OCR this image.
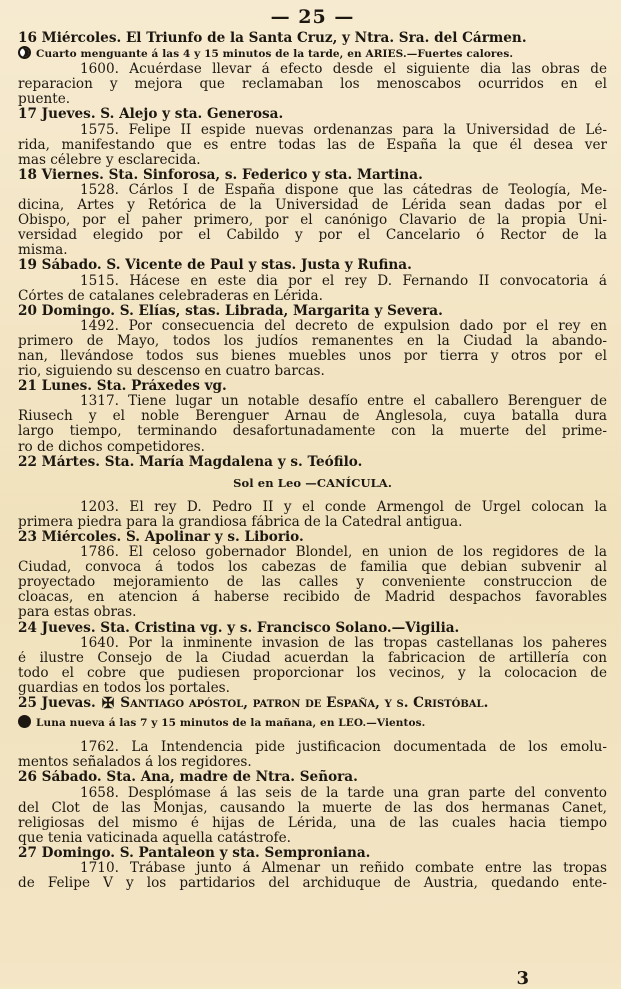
— 25 —
16 Miércoles. El Triunfo de la Santa Cruz, y Ntra. Sra. del Cármen.
Cuarto menguante á las 4 y 15 minutos de la tarde, en ARIES.—Fuertes calores.
1600. Acuérdase llevar á efecto desde el siguiente dia las obras de
reparacion y mejora que reclamaban los menoscabos ocurridos en el
puente.
17 Jueves. S. Alejo y sta. Generosa.
1575. Felipe II espide nuevas ordenanzas para la Universidad de Lé-
rida, manifestando que es entre todas las de España la que él desea ver
mas célebre y esclarecida.
18 Viernes. Sta. Sinforosa, s. Federico y sta. Martina.
1528. Cárlos I de España dispone que las cátedras de Teología, Me-
dicina, Artes y Retórica de la Universidad de Lérida sean dadas por el
Obispo, por el paher primero, por el canónigo Clavario de la propia Uni-
versidad elegido por el Cabildo y por el Cancelario ó Rector de la
misma.
19 Sábado. S. Vicente de Paul y stas. Justa y Rufina.
1515. Hácese en este dia por el rey D. Fernando II convocatoria á
Córtes de catalanes celebraderas en Lérida.
20 Domingo. S. Elías, stas. Librada, Margarita y Severa.
1492. Por consecuencia del decreto de expulsion dado por el rey en
primero de Mayo, todos los judíos remanentes en la Ciudad la abando-
nan, llevándose todos sus bienes muebles unos por tierra y otros por el
rio, siguiendo su descenso en cuatro barcas.
21 Lunes. Sta. Práxedes vg.
1317. Tiene lugar un notable desafío entre el caballero Berenguer de
Riusech y el noble Berenguer Arnau de Anglesola, cuya batalla dura
largo tiempo, terminando desafortunadamente con la muerte del prime-
ro de dichos competidores.
22 Mártes. Sta. María Magdalena y s. Teófilo.
Sol en Leo —CANÍCULA.
1203. El rey D. Pedro II y el conde Armengol de Urgel colocan la
primera piedra para la grandiosa fábrica de la Catedral antigua.
23 Miércoles. S. Apolinar y s. Liborio.
1786. El celoso gobernador Blondel, en union de los regidores de la
Ciudad, convoca á todos los cabezas de familia que debian subvenir al
proyectado mejoramiento de las calles y conveniente construccion de
cloacas, en atencion á haberse recibido de Madrid despachos favorables
para estas obras.
24 Jueves. Sta. Cristina vg. y s. Francisco Solano.—Vigilia.
1640. Por la inminente invasion de las tropas castellanas los paheres
é ilustre Consejo de la Ciudad acuerdan la fabricacion de artillería con
todo el cobre que pudiesen proporcionar los vecinos, y la colocacion de
guardias en todos los portales.
25 Juevas. ✠ Santiago apóstol, patron de España, y s. Cristóbal.
Luna nueva á las 7 y 15 minutos de la mañana, en LEO.—Vientos.
1762. La Intendencia pide justificacion documentada de los emolu-
mentos señalados á los regidores.
26 Sábado. Sta. Ana, madre de Ntra. Señora.
1658. Desplómase á las seis de la tarde una gran parte del convento
del Clot de las Monjas, causando la muerte de las dos hermanas Canet,
religiosas del mismo é hijas de Lérida, una de las cuales hacia tiempo
que tenia vaticinada aquella catástrofe.
27 Domingo. S. Pantaleon y sta. Semproniana.
1710. Trábase junto á Almenar un reñido combate entre las tropas
de Felipe V y los partidarios del archiduque de Austria, quedando ente-
3
